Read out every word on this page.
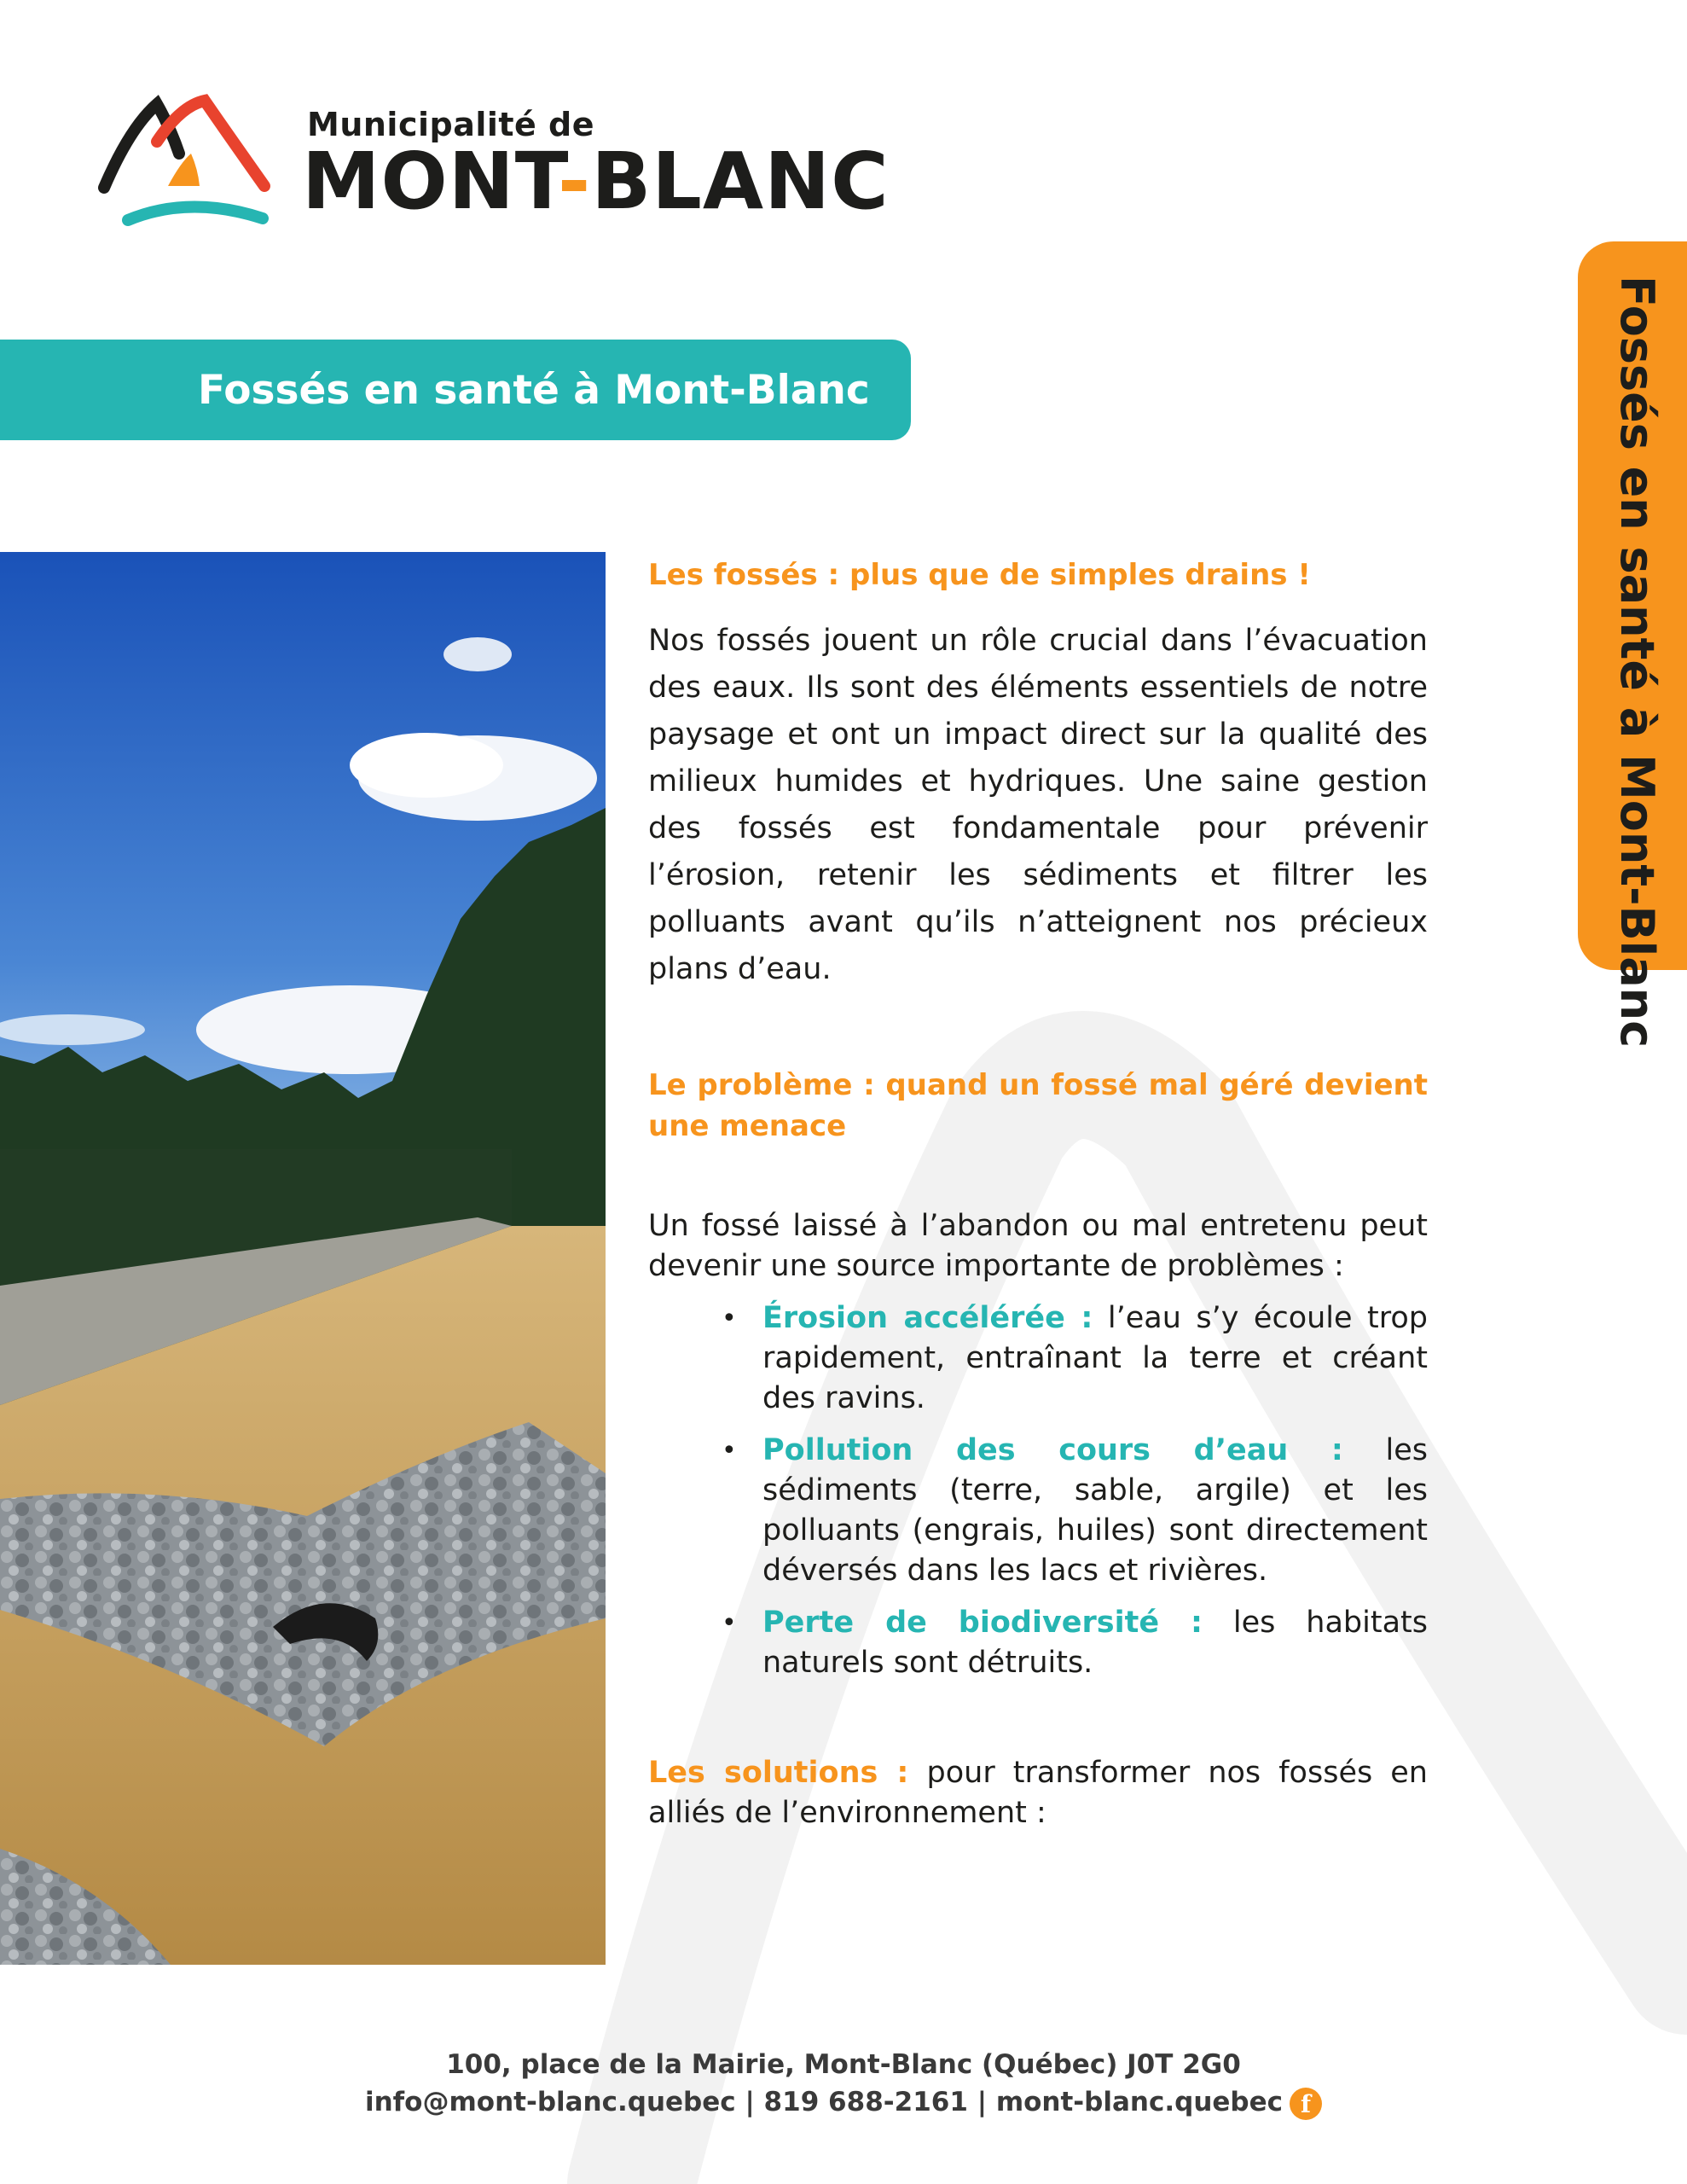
Municipalité de
MONT-BLANC
Fossés en santé à Mont-Blanc	Fossés en santé à Mont-Blanc
Les fossés : plus que de simples drains !

Nos fossés jouent un rôle crucial dans l’évacuation des eaux. Ils sont des éléments essentiels de notre paysage et ont un impact direct sur la qualité des milieux humides et hydriques. Une saine gestion des fossés est fondamentale pour prévenir l’érosion, retenir les sédiments et filtrer les polluants avant qu’ils n’atteignent nos précieux plans d’eau.

Le problème : quand un fossé mal géré devient une menace

Un fossé laissé à l’abandon ou mal entretenu peut devenir une source importante de problèmes :

• Érosion accélérée : l’eau s’y écoule trop rapidement, entraînant la terre et créant des ravins.
• Pollution des cours d’eau : les sédiments (terre, sable, argile) et les polluants (engrais, huiles) sont directement déversés dans les lacs et rivières.
• Perte de biodiversité : les habitats naturels sont détruits.

Les solutions : pour transformer nos fossés en alliés de l’environnement :

100, place de la Mairie, Mont-Blanc (Québec) J0T 2G0
info@mont-blanc.quebec | 819 688-2161 | mont-blanc.quebec f
